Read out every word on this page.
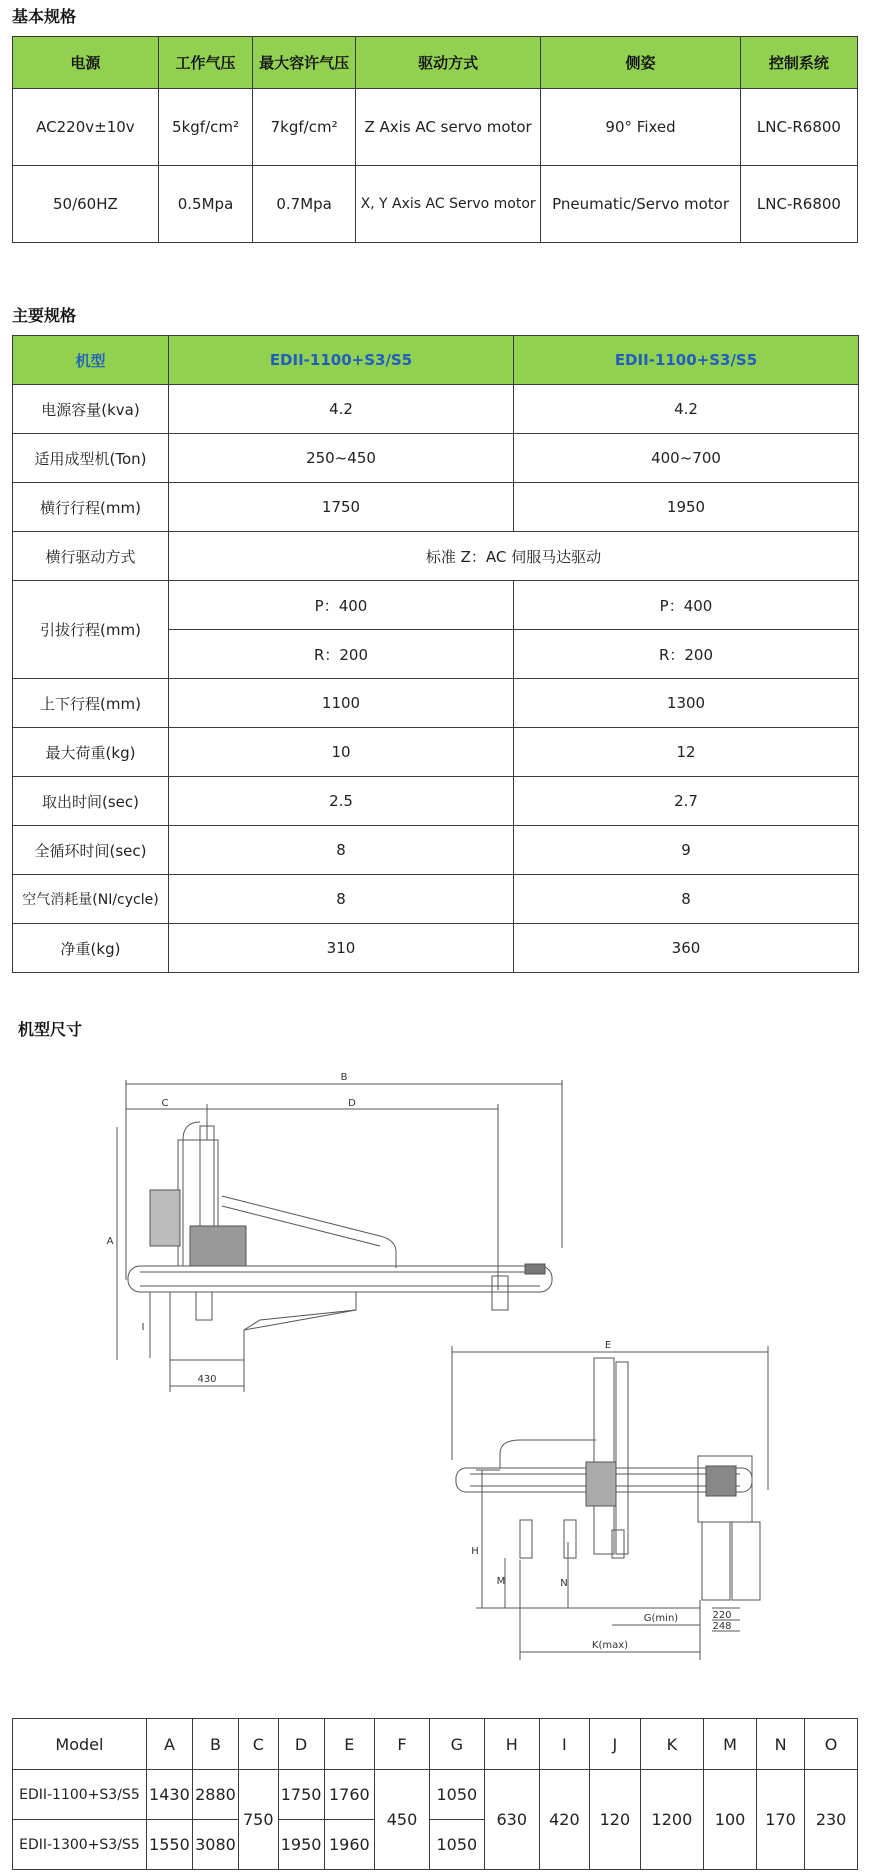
基本规格
电源	工作气压	最大容许气压	驱动方式	侧姿	控制系统
AC220v±10v	5kgf/cm²	7kgf/cm²	Z Axis AC servo motor	90° Fixed	LNC-R6800
50/60HZ	0.5Mpa	0.7Mpa	X, Y Axis AC Servo motor	Pneumatic/Servo motor	LNC-R6800
主要规格
机型	EDII-1100+S3/S5	EDII-1100+S3/S5
电源容量(kva)	4.2	4.2
适用成型机(Ton)	250~450	400~700
横行行程(mm)	1750	1950
横行驱动方式	标准 Z：AC 伺服马达驱动	
引拔行程(mm)	P：400	P：400
	R：200	R：200
上下行程(mm)	1100	1300
最大荷重(kg)	10	12
取出时间(sec)	2.5	2.7
全循环时间(sec)	8	9
空气消耗量(NI/cycle)	8	8
净重(kg)	310	360
机型尺寸
B
C	D
A
I
430
E
H
M	N
G(min)
K(max)
220
248
Model	A	B	C	D	E	F	G	H	I	J	K	M	N	O
EDII-1100+S3/S5	1430	2880	750	1750	1760	450	1050	630	420	120	1200	100	170	230
EDII-1300+S3/S5	1550	3080		1950	1960		1050							
